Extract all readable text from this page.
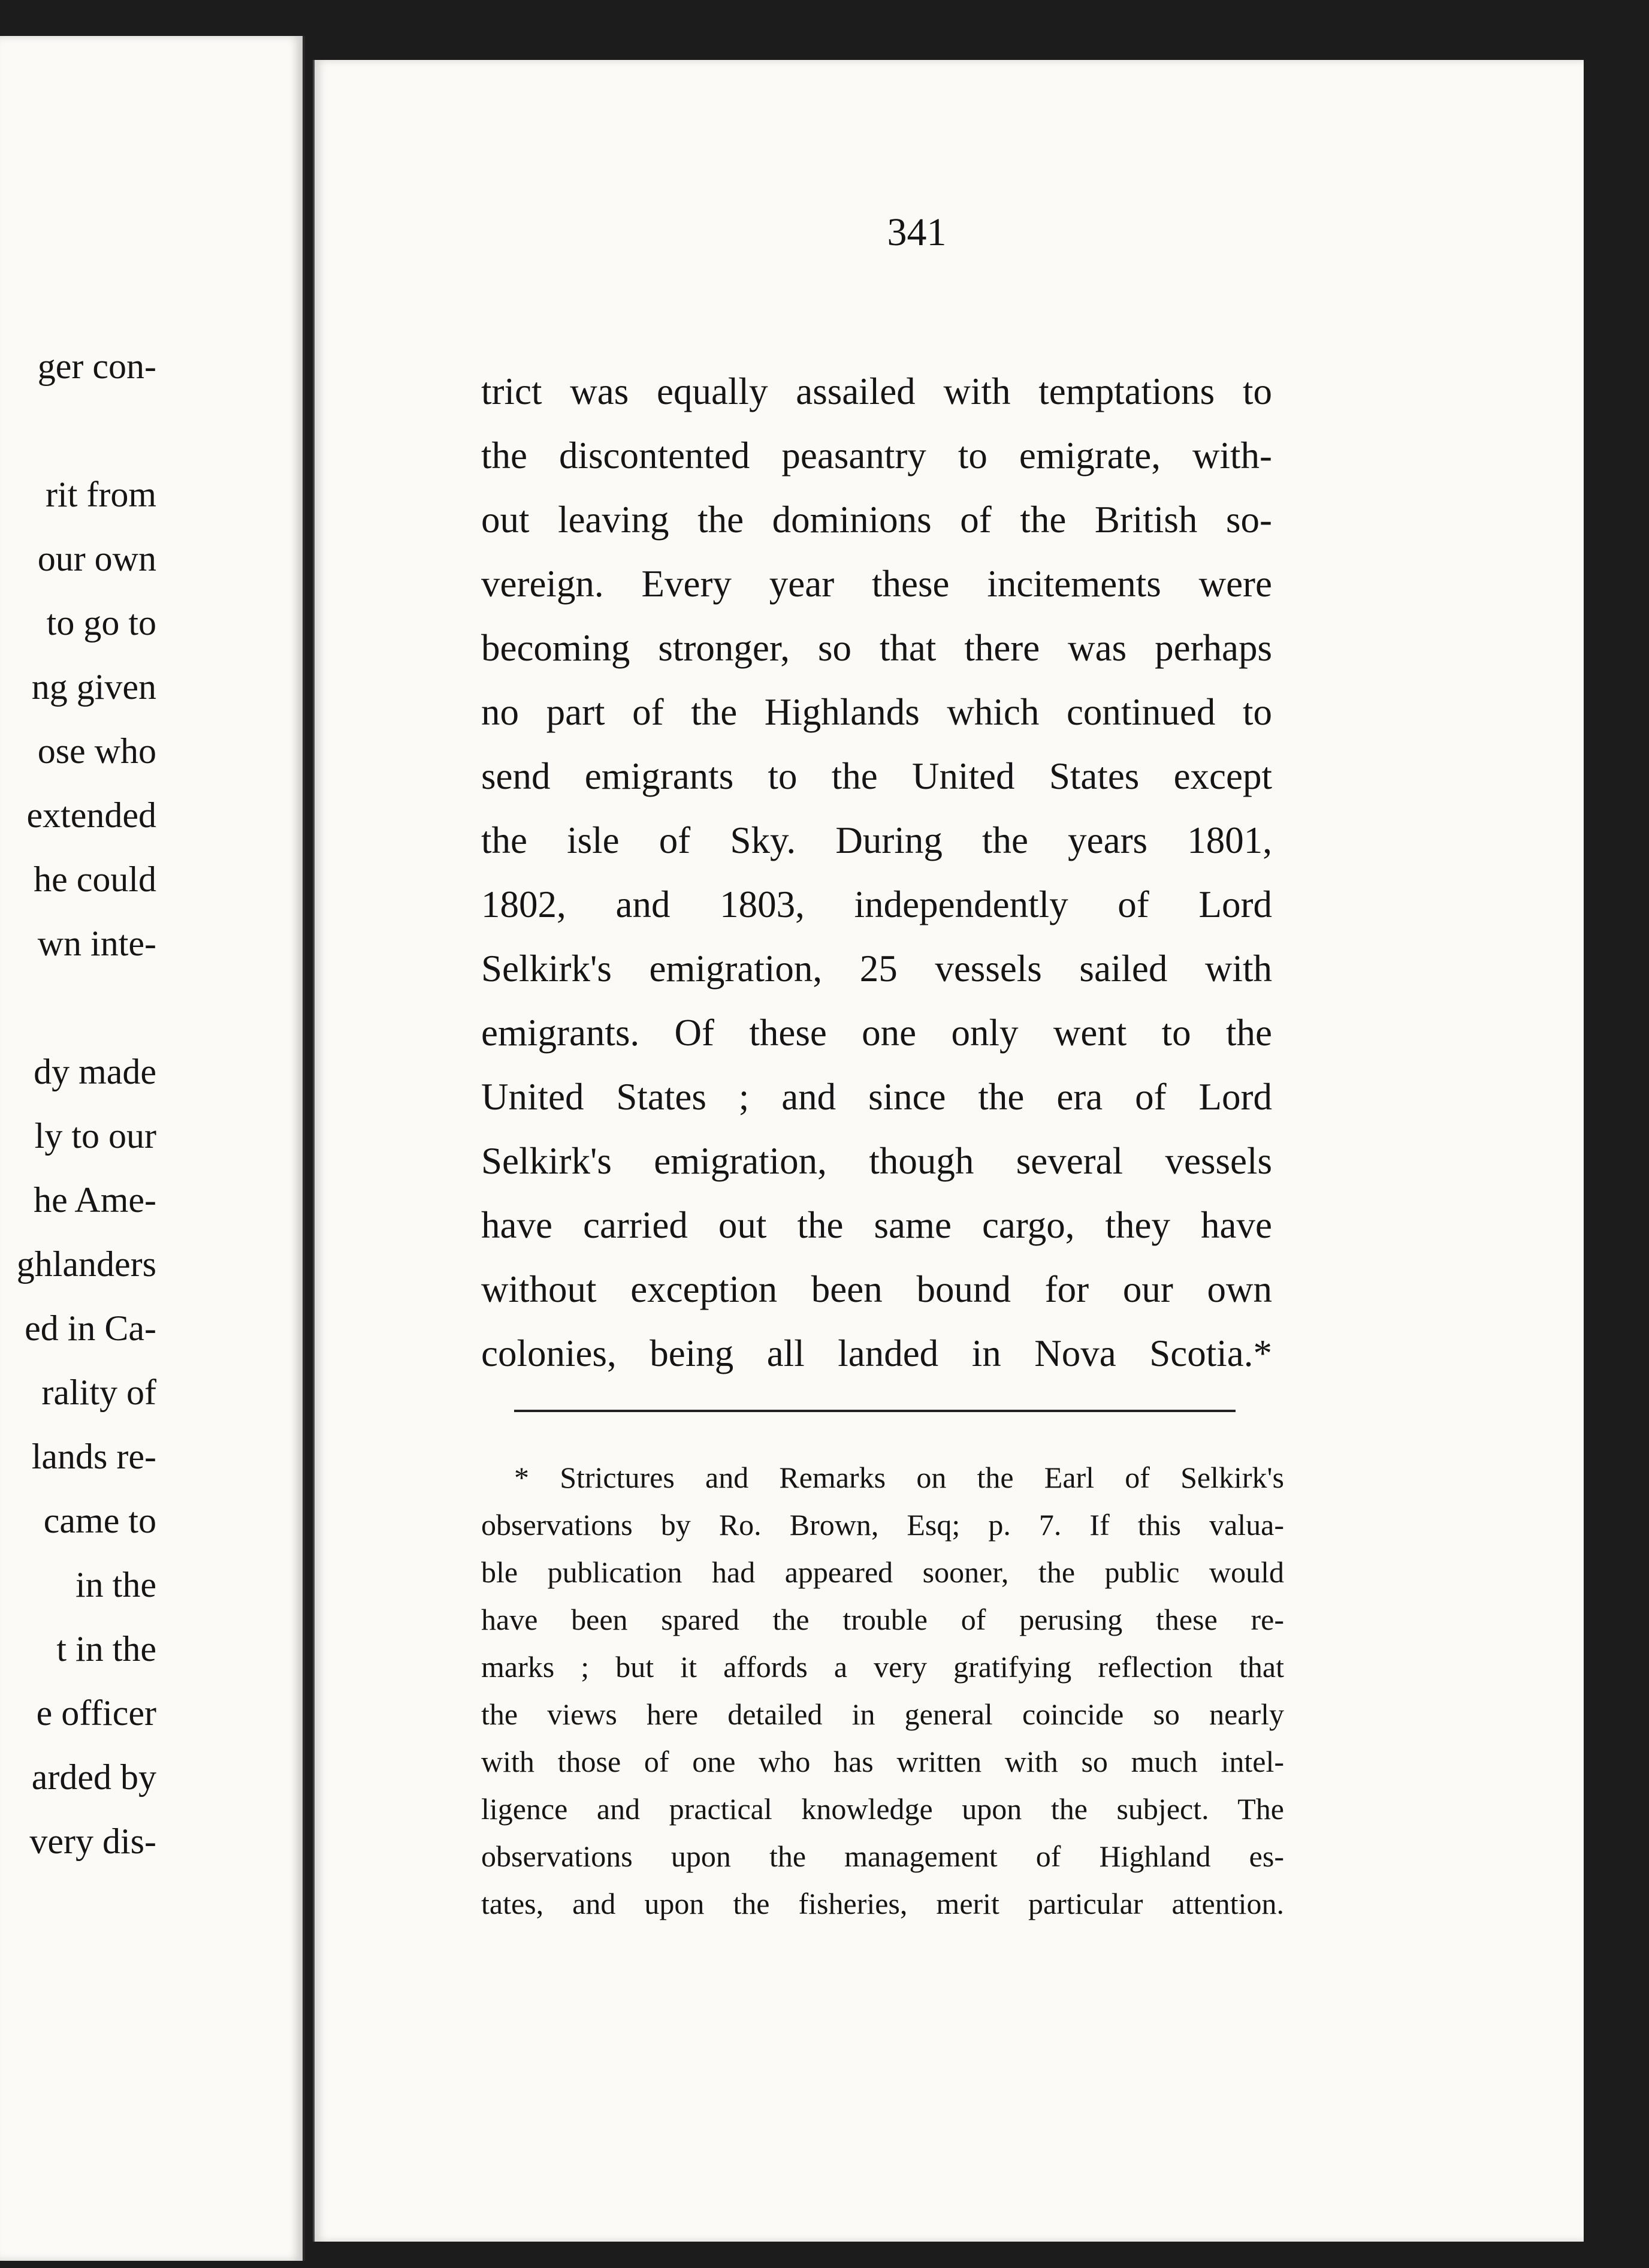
ger con-
rit from
our own
to go to
ng given
ose who
extended
he could
wn inte-
dy made
ly to our
he Ame-
ghlanders
ed in Ca-
rality of
lands re-
came to
in the
t in the
e officer
arded by
very dis-
341
trict was equally assailed with temptations to
the discontented peasantry to emigrate, with-
out leaving the dominions of the British so-
vereign. Every year these incitements were
becoming stronger, so that there was perhaps
no part of the Highlands which continued to
send emigrants to the United States except
the isle of Sky. During the years 1801,
1802, and 1803, independently of Lord
Selkirk's emigration, 25 vessels sailed with
emigrants. Of these one only went to the
United States ; and since the era of Lord
Selkirk's emigration, though several vessels
have carried out the same cargo, they have
without exception been bound for our own
colonies, being all landed in Nova Scotia.*
* Strictures and Remarks on the Earl of Selkirk's
observations by Ro. Brown, Esq; p. 7. If this valua-
ble publication had appeared sooner, the public would
have been spared the trouble of perusing these re-
marks ; but it affords a very gratifying reflection that
the views here detailed in general coincide so nearly
with those of one who has written with so much intel-
ligence and practical knowledge upon the subject. The
observations upon the management of Highland es-
tates, and upon the fisheries, merit particular attention.
